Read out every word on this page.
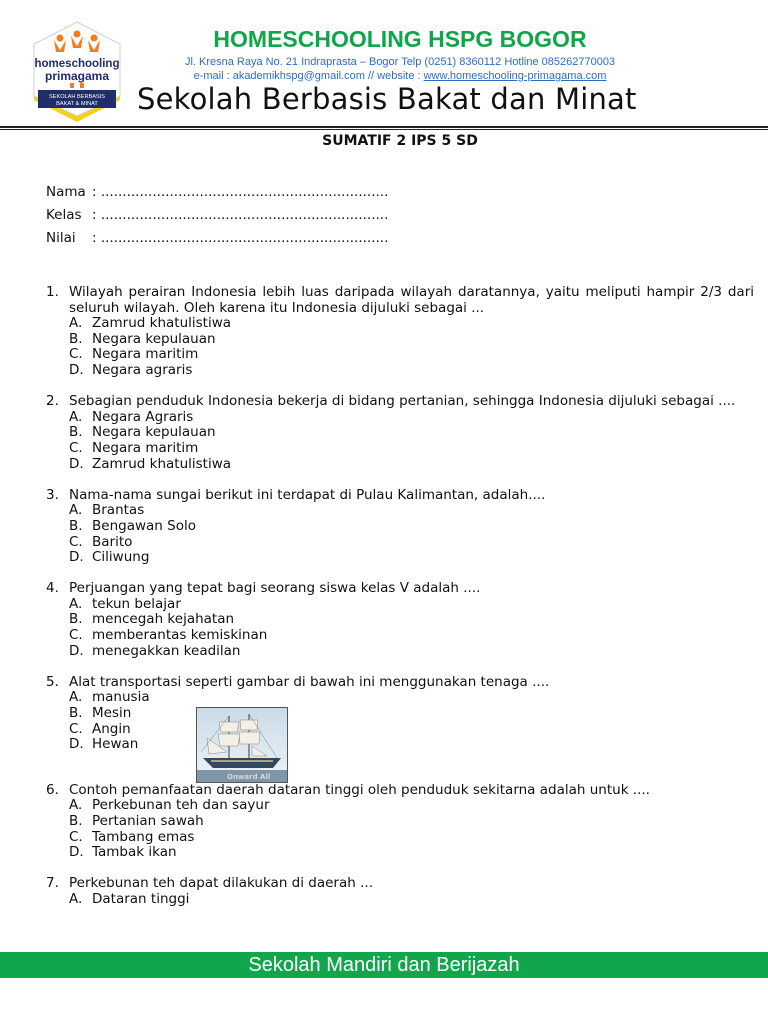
homeschooling
primagama
SEKOLAH BERBASIS
BAKAT & MINAT
HOMESCHOOLING HSPG BOGOR
Jl. Kresna Raya No. 21 Indraprasta – Bogor Telp (0251) 8360112 Hotline 085262770003
e-mail : akademikhspg@gmail.com // website : www.homeschooling-primagama.com
Sekolah Berbasis Bakat dan Minat
SUMATIF 2 IPS 5 SD
Nama : ...................................................................
Kelas : ...................................................................
Nilai : ...................................................................
1. Wilayah perairan Indonesia lebih luas daripada wilayah daratannya, yaitu meliputi hampir 2/3 dari seluruh wilayah. Oleh karena itu Indonesia dijuluki sebagai ...
A. Zamrud khatulistiwa
B. Negara kepulauan
C. Negara maritim
D. Negara agraris
2. Sebagian penduduk Indonesia bekerja di bidang pertanian, sehingga Indonesia dijuluki sebagai ....
A. Negara Agraris
B. Negara kepulauan
C. Negara maritim
D. Zamrud khatulistiwa
3. Nama-nama sungai berikut ini terdapat di Pulau Kalimantan, adalah....
A. Brantas
B. Bengawan Solo
C. Barito
D. Ciliwung
4. Perjuangan yang tepat bagi seorang siswa kelas V adalah ....
A. tekun belajar
B. mencegah kejahatan
C. memberantas kemiskinan
D. menegakkan keadilan
5. Alat transportasi seperti gambar di bawah ini menggunakan tenaga ....
A. manusia
B. Mesin
C. Angin
D. Hewan
6. Contoh pemanfaatan daerah dataran tinggi oleh penduduk sekitarna adalah untuk ....
A. Perkebunan teh dan sayur
B. Pertanian sawah
C. Tambang emas
D. Tambak ikan
7. Perkebunan teh dapat dilakukan di daerah ...
A. Dataran tinggi
Onward All
Sekolah Mandiri dan Berijazah
